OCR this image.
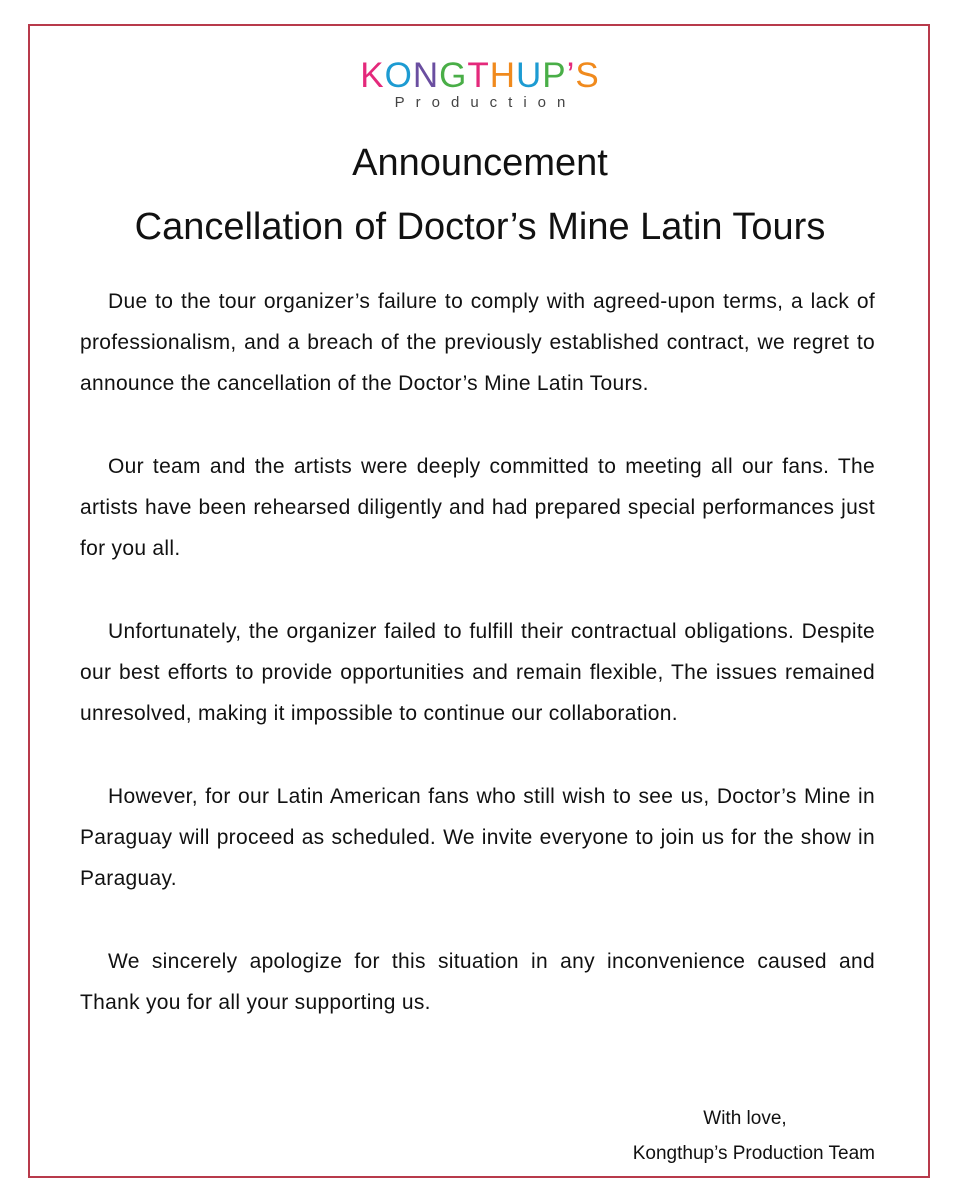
KONGTHUP’S
Production
Announcement
Cancellation of Doctor’s Mine Latin Tours

Due to the tour organizer’s failure to comply with agreed-upon terms, a lack of professionalism, and a breach of the previously established contract, we regret to announce the cancellation of the Doctor’s Mine Latin Tours.

Our team and the artists were deeply committed to meeting all our fans. The artists have been rehearsed diligently and had prepared special performances just for you all.

Unfortunately, the organizer failed to fulfill their contractual obligations. Despite our best efforts to provide opportunities and remain flexible, The issues remained unresolved, making it impossible to continue our collaboration.

However, for our Latin American fans who still wish to see us, Doctor’s Mine in Paraguay will proceed as scheduled. We invite everyone to join us for the show in Paraguay.

We sincerely apologize for this situation in any inconvenience caused and Thank you for all your supporting us.

With love,
Kongthup’s Production Team
